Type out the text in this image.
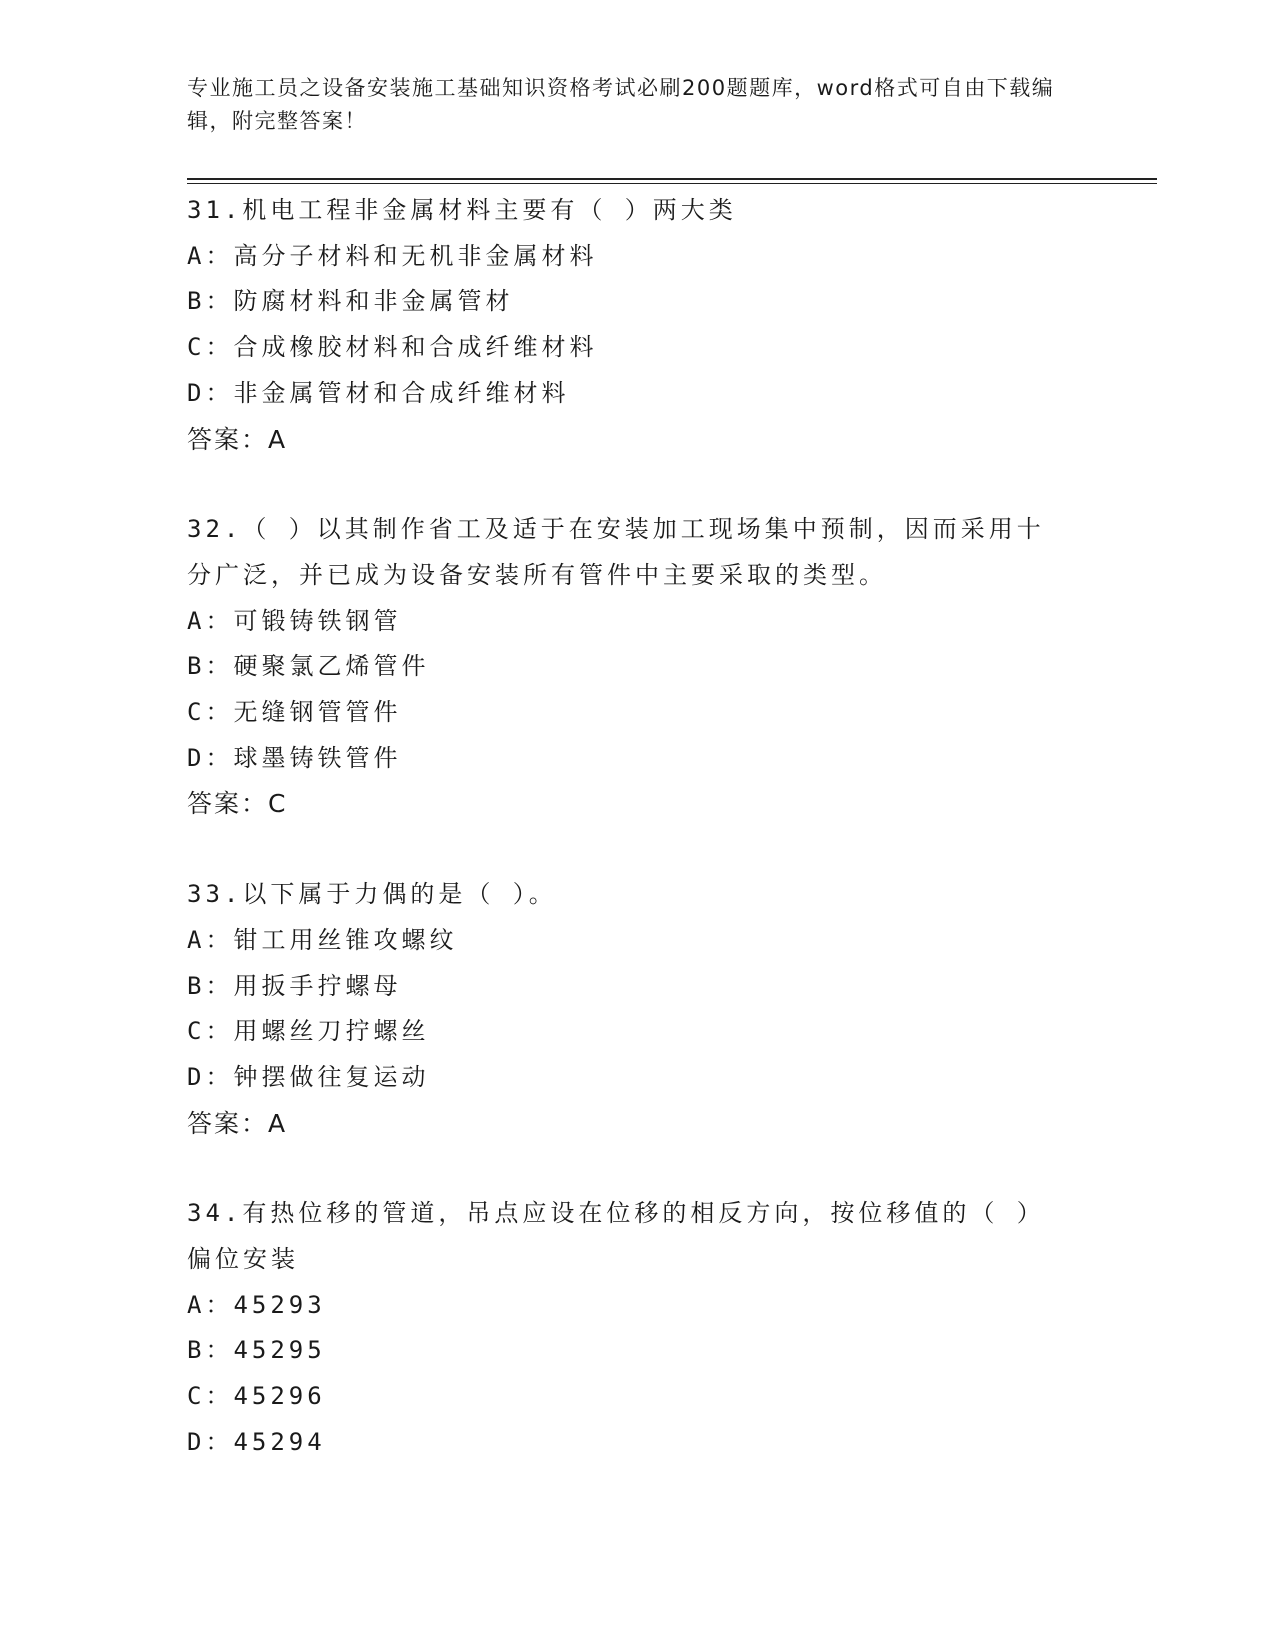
专业施工员之设备安装施工基础知识资格考试必刷200题题库，word格式可自由下载编辑，附完整答案！
31.机电工程非金属材料主要有（ ）两大类
A：高分子材料和无机非金属材料
B：防腐材料和非金属管材
C：合成橡胶材料和合成纤维材料
D：非金属管材和合成纤维材料
答案：A
32.（ ）以其制作省工及适于在安装加工现场集中预制，因而采用十
分广泛，并已成为设备安装所有管件中主要采取的类型。
A：可锻铸铁钢管
B：硬聚氯乙烯管件
C：无缝钢管管件
D：球墨铸铁管件
答案：C
33.以下属于力偶的是（ ）。
A：钳工用丝锥攻螺纹
B：用扳手拧螺母
C：用螺丝刀拧螺丝
D：钟摆做往复运动
答案：A
34.有热位移的管道，吊点应设在位移的相反方向，按位移值的（ ）
偏位安装
A：45293
B：45295
C：45296
D：45294
